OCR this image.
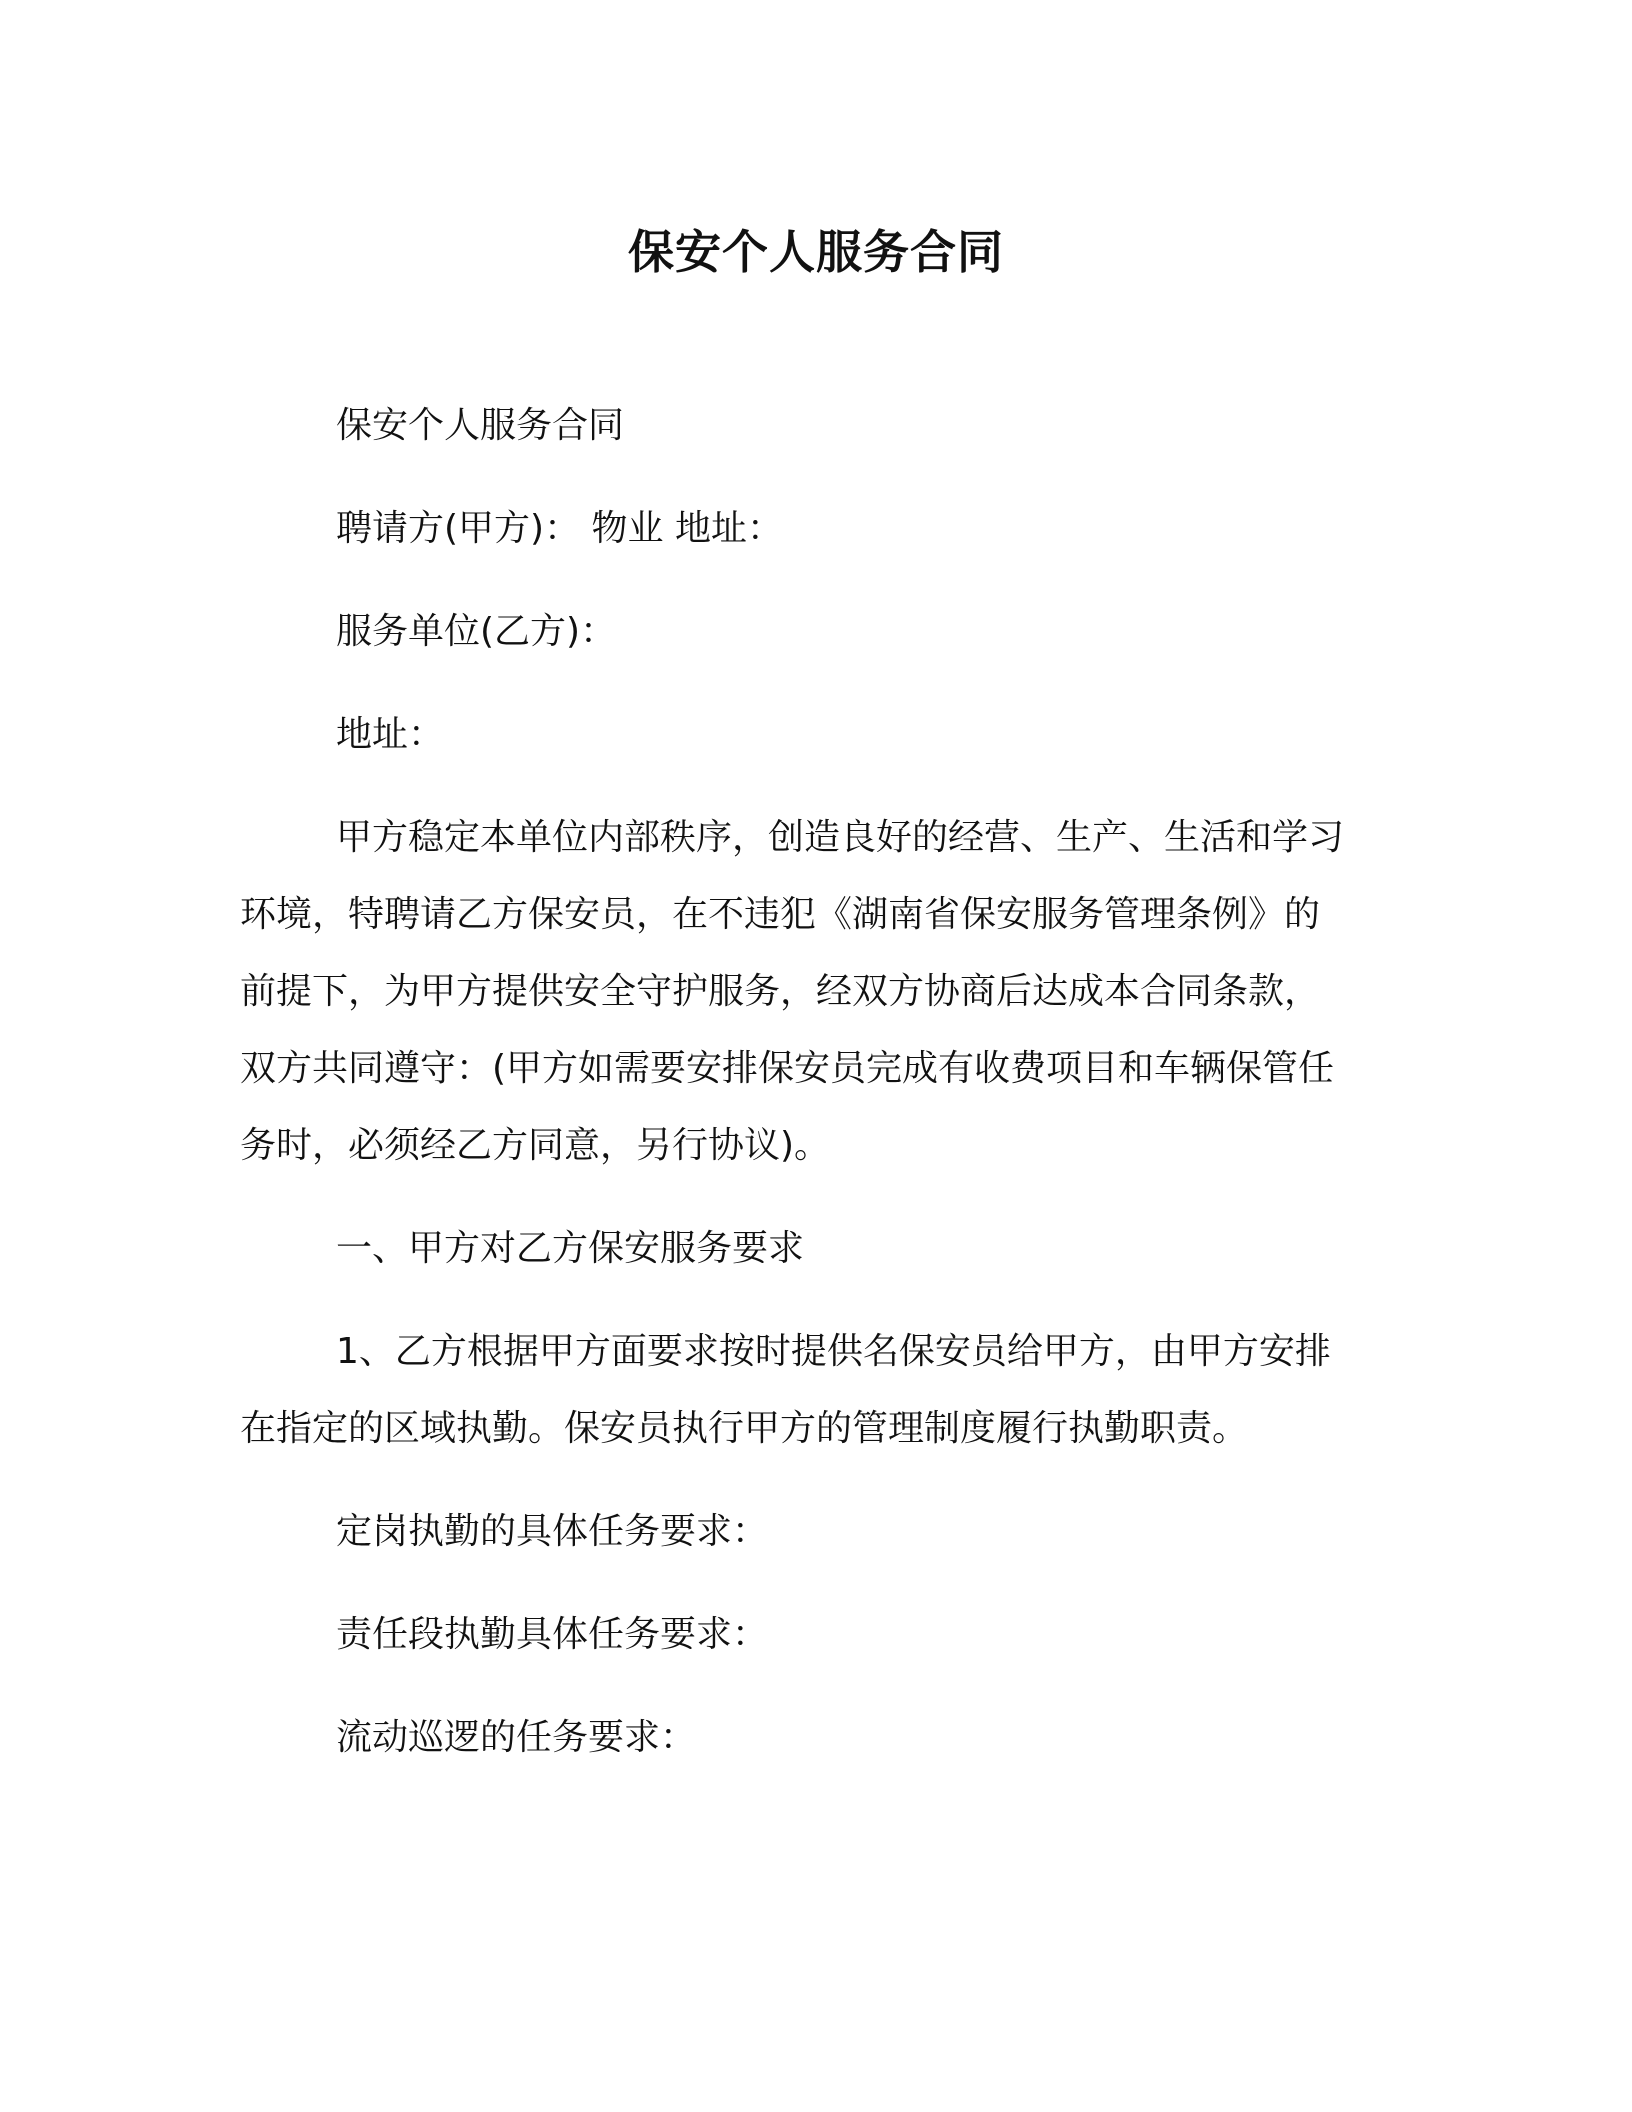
保安个人服务合同
保安个人服务合同
聘请方(甲方)： 物业 地址：
服务单位(乙方)：
地址：
甲方稳定本单位内部秩序，创造良好的经营、生产、生活和学习
环境，特聘请乙方保安员，在不违犯《湖南省保安服务管理条例》的
前提下，为甲方提供安全守护服务，经双方协商后达成本合同条款，
双方共同遵守：(甲方如需要安排保安员完成有收费项目和车辆保管任
务时，必须经乙方同意，另行协议)。
一、甲方对乙方保安服务要求
1、乙方根据甲方面要求按时提供名保安员给甲方，由甲方安排
在指定的区域执勤。保安员执行甲方的管理制度履行执勤职责。
定岗执勤的具体任务要求：
责任段执勤具体任务要求：
流动巡逻的任务要求：
